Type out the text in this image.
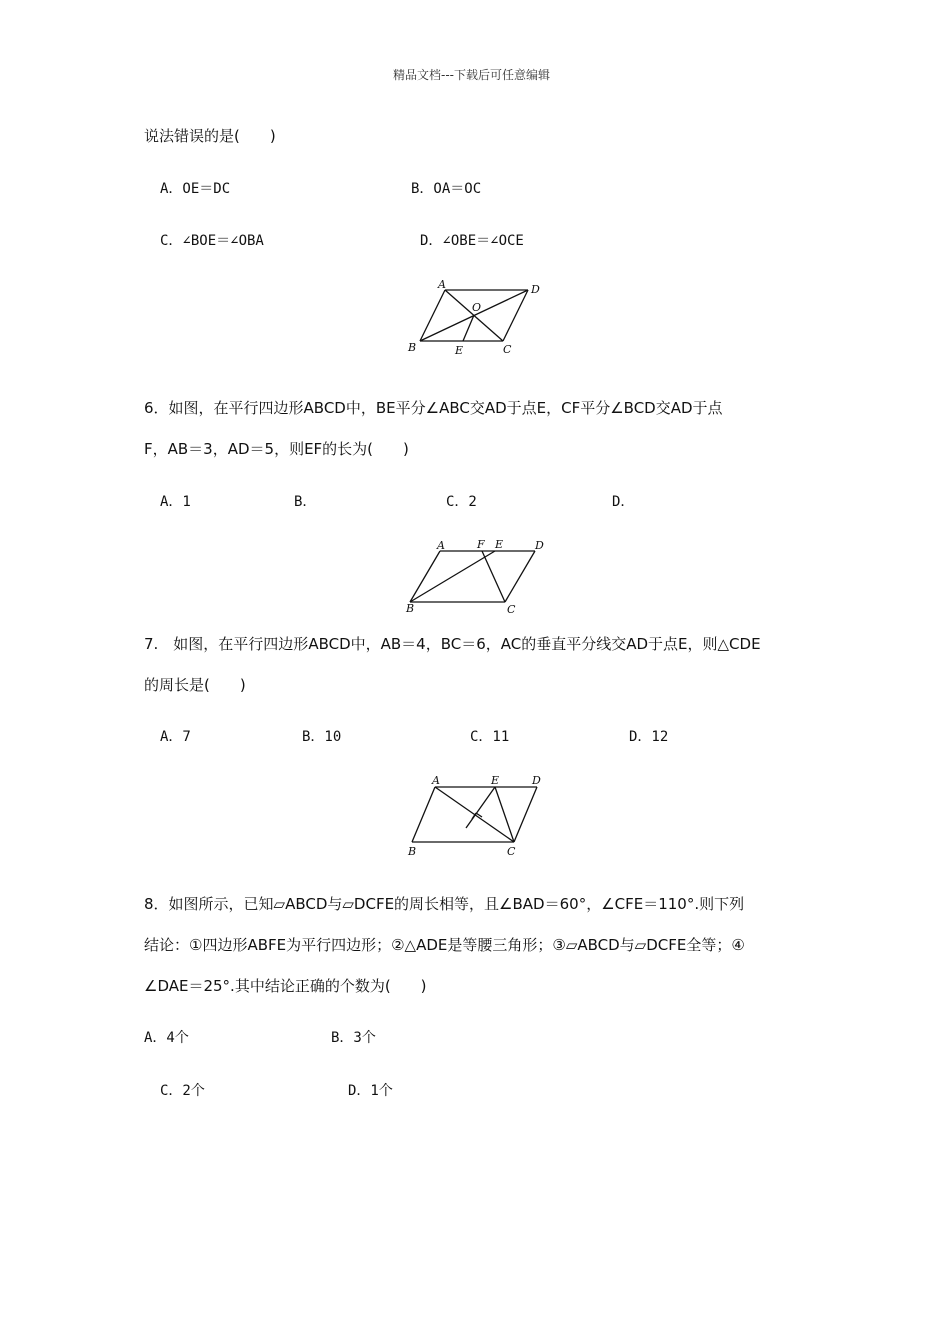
精品文档---下载后可任意编辑
说法错误的是(　　)
A．OE＝DC	B．OA＝OC
C．∠BOE＝∠OBA	D．∠OBE＝∠OCE
A	D
O
B	E	C
6．如图，在平行四边形ABCD中，BE平分∠ABC交AD于点E，CF平分∠BCD交AD于点
F，AB＝3，AD＝5，则EF的长为(　　)
A．1	B．	C．2	D．
A	F E	D
B	C
7.　如图，在平行四边形ABCD中，AB＝4，BC＝6，AC的垂直平分线交AD于点E，则△CDE
的周长是(　　)
A．7	B．10	C．11	D．12
A	E	D
B	C
8．如图所示，已知▱ABCD与▱DCFE的周长相等，且∠BAD＝60°，∠CFE＝110°.则下列
结论：①四边形ABFE为平行四边形；②△ADE是等腰三角形；③▱ABCD与▱DCFE全等；④
∠DAE＝25°.其中结论正确的个数为(　　)
A．4个	B．3个
C．2个	D．1个
